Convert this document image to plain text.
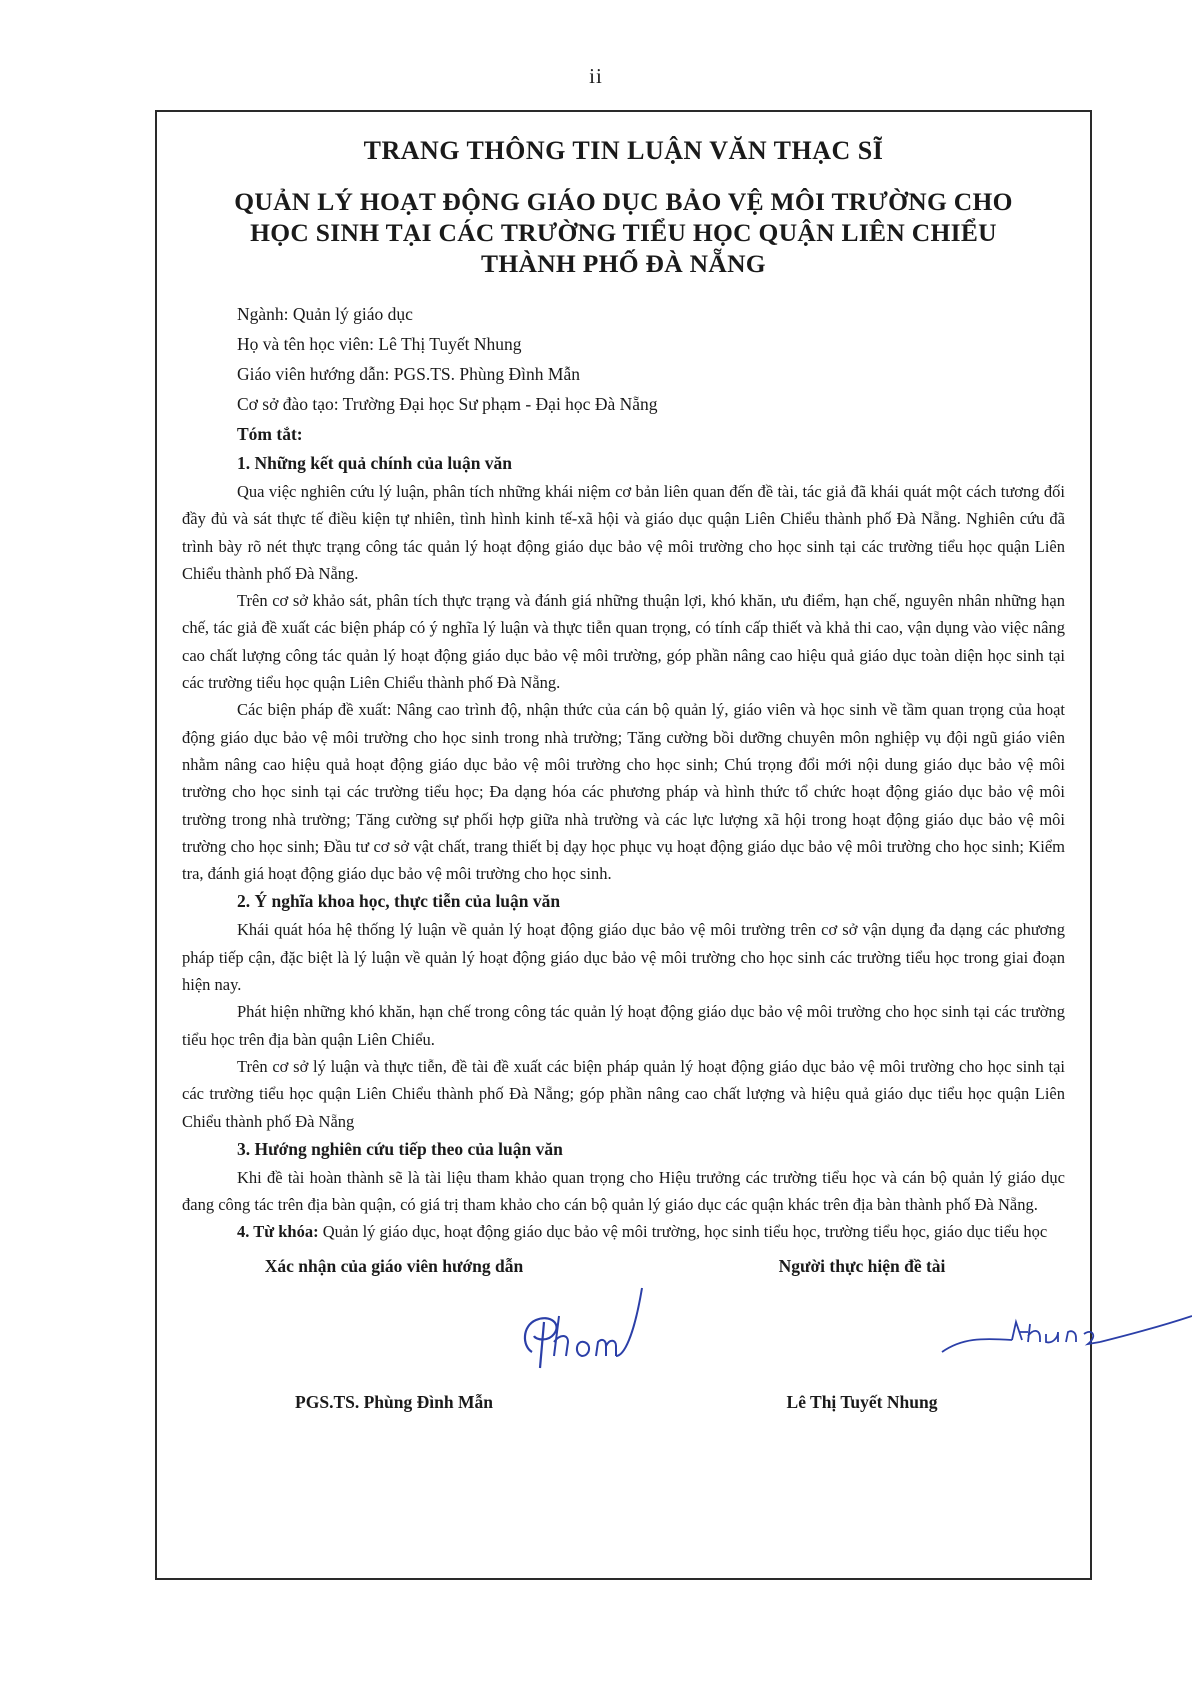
ii
TRANG THÔNG TIN LUẬN VĂN THẠC SĨ
QUẢN LÝ HOẠT ĐỘNG GIÁO DỤC BẢO VỆ MÔI TRƯỜNG CHO
HỌC SINH TẠI CÁC TRƯỜNG TIỂU HỌC QUẬN LIÊN CHIỂU
THÀNH PHỐ ĐÀ NẴNG
Ngành: Quản lý giáo dục
Họ và tên học viên: Lê Thị Tuyết Nhung
Giáo viên hướng dẫn: PGS.TS. Phùng Đình Mẫn
Cơ sở đào tạo: Trường Đại học Sư phạm - Đại học Đà Nẵng
Tóm tắt:
1. Những kết quả chính của luận văn

Qua việc nghiên cứu lý luận, phân tích những khái niệm cơ bản liên quan đến đề tài, tác giả đã khái quát một cách tương đối đầy đủ và sát thực tế điều kiện tự nhiên, tình hình kinh tế-xã hội và giáo dục quận Liên Chiểu thành phố Đà Nẵng. Nghiên cứu đã trình bày rõ nét thực trạng công tác quản lý hoạt động giáo dục bảo vệ môi trường cho học sinh tại các trường tiểu học quận Liên Chiểu thành phố Đà Nẵng.

Trên cơ sở khảo sát, phân tích thực trạng và đánh giá những thuận lợi, khó khăn, ưu điểm, hạn chế, nguyên nhân những hạn chế, tác giả đề xuất các biện pháp có ý nghĩa lý luận và thực tiễn quan trọng, có tính cấp thiết và khả thi cao, vận dụng vào việc nâng cao chất lượng công tác quản lý hoạt động giáo dục bảo vệ môi trường, góp phần nâng cao hiệu quả giáo dục toàn diện học sinh tại các trường tiểu học quận Liên Chiểu thành phố Đà Nẵng.

Các biện pháp đề xuất: Nâng cao trình độ, nhận thức của cán bộ quản lý, giáo viên và học sinh về tầm quan trọng của hoạt động giáo dục bảo vệ môi trường cho học sinh trong nhà trường; Tăng cường bồi dưỡng chuyên môn nghiệp vụ đội ngũ giáo viên nhằm nâng cao hiệu quả hoạt động giáo dục bảo vệ môi trường cho học sinh; Chú trọng đổi mới nội dung giáo dục bảo vệ môi trường cho học sinh tại các trường tiểu học; Đa dạng hóa các phương pháp và hình thức tổ chức hoạt động giáo dục bảo vệ môi trường trong nhà trường; Tăng cường sự phối hợp giữa nhà trường và các lực lượng xã hội trong hoạt động giáo dục bảo vệ môi trường cho học sinh; Đầu tư cơ sở vật chất, trang thiết bị dạy học phục vụ hoạt động giáo dục bảo vệ môi trường cho học sinh; Kiểm tra, đánh giá hoạt động giáo dục bảo vệ môi trường cho học sinh.

2. Ý nghĩa khoa học, thực tiễn của luận văn

Khái quát hóa hệ thống lý luận về quản lý hoạt động giáo dục bảo vệ môi trường trên cơ sở vận dụng đa dạng các phương pháp tiếp cận, đặc biệt là lý luận về quản lý hoạt động giáo dục bảo vệ môi trường cho học sinh các trường tiểu học trong giai đoạn hiện nay.

Phát hiện những khó khăn, hạn chế trong công tác quản lý hoạt động giáo dục bảo vệ môi trường cho học sinh tại các trường tiểu học trên địa bàn quận Liên Chiểu.

Trên cơ sở lý luận và thực tiễn, đề tài đề xuất các biện pháp quản lý hoạt động giáo dục bảo vệ môi trường cho học sinh tại các trường tiểu học quận Liên Chiểu thành phố Đà Nẵng; góp phần nâng cao chất lượng và hiệu quả giáo dục tiểu học quận Liên Chiểu thành phố Đà Nẵng

3. Hướng nghiên cứu tiếp theo của luận văn

Khi đề tài hoàn thành sẽ là tài liệu tham khảo quan trọng cho Hiệu trưởng các trường tiểu học và cán bộ quản lý giáo dục đang công tác trên địa bàn quận, có giá trị tham khảo cho cán bộ quản lý giáo dục các quận khác trên địa bàn thành phố Đà Nẵng.

4. Từ khóa: Quản lý giáo dục, hoạt động giáo dục bảo vệ môi trường, học sinh tiểu học, trường tiểu học, giáo dục tiểu học

Xác nhận của giáo viên hướng dẫn
PGS.TS. Phùng Đình Mẫn
Người thực hiện đề tài
Lê Thị Tuyết Nhung
